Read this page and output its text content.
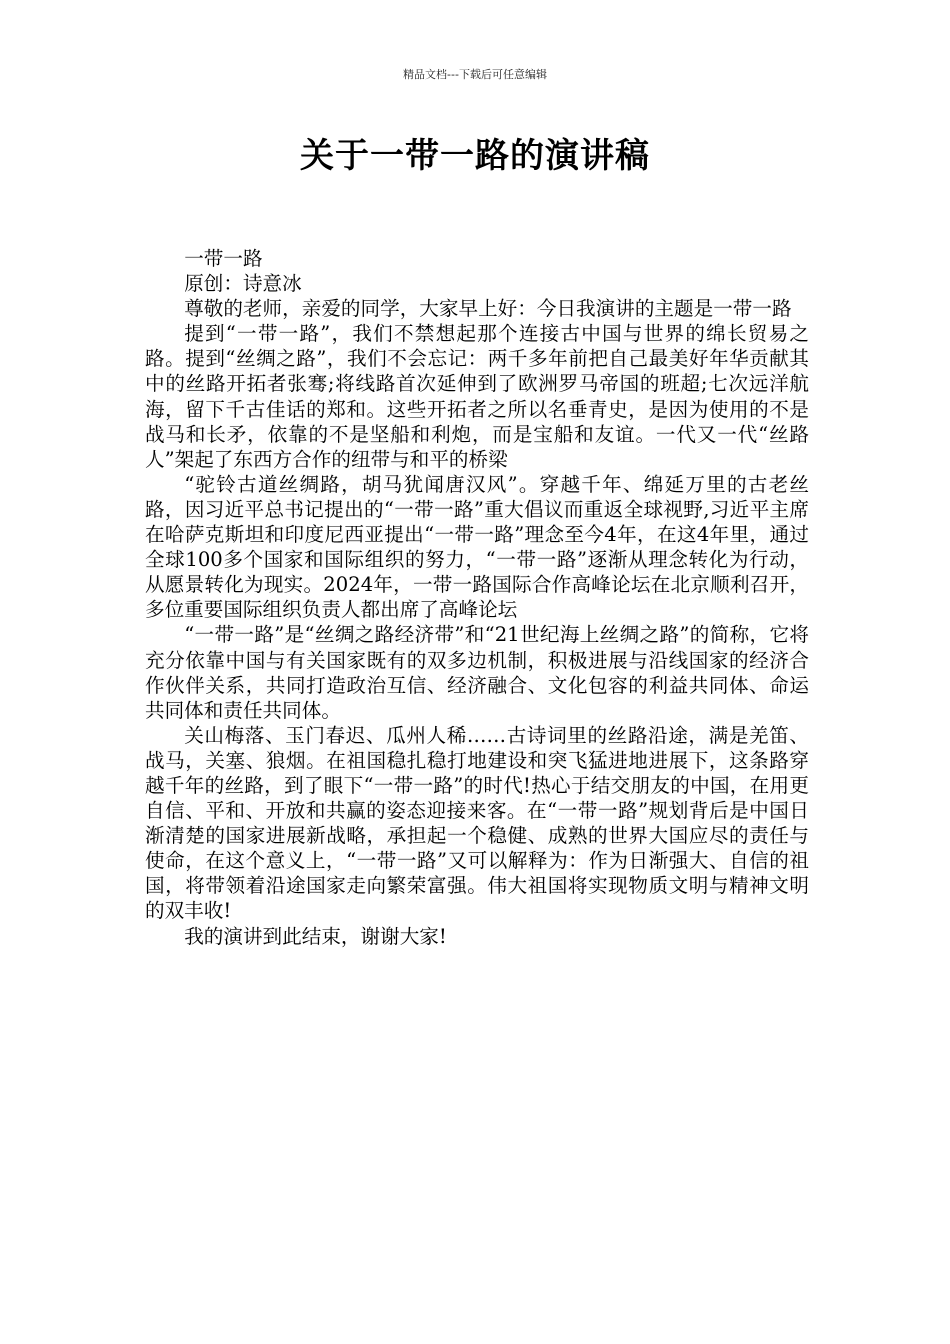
精品文档---下载后可任意编辑
关于一带一路的演讲稿

一带一路

原创：诗意冰

尊敬的老师，亲爱的同学，大家早上好：今日我演讲的主题是一带一路

提到“一带一路”，我们不禁想起那个连接古中国与世界的绵长贸易之路。提到“丝绸之路”，我们不会忘记：两千多年前把自己最美好年华贡献其中的丝路开拓者张骞;将线路首次延伸到了欧洲罗马帝国的班超;七次远洋航海，留下千古佳话的郑和。这些开拓者之所以名垂青史，是因为使用的不是战马和长矛，依靠的不是坚船和利炮，而是宝船和友谊。一代又一代“丝路人”架起了东西方合作的纽带与和平的桥梁

“驼铃古道丝绸路，胡马犹闻唐汉风”。穿越千年、绵延万里的古老丝路，因习近平总书记提出的“一带一路”重大倡议而重返全球视野,习近平主席在哈萨克斯坦和印度尼西亚提出“一带一路”理念至今4年，在这4年里，通过全球100多个国家和国际组织的努力，“一带一路”逐渐从理念转化为行动，从愿景转化为现实。2024年，一带一路国际合作高峰论坛在北京顺利召开，多位重要国际组织负责人都出席了高峰论坛

“一带一路”是“丝绸之路经济带”和“21世纪海上丝绸之路”的简称，它将充分依靠中国与有关国家既有的双多边机制，积极进展与沿线国家的经济合作伙伴关系，共同打造政治互信、经济融合、文化包容的利益共同体、命运共同体和责任共同体。

关山梅落、玉门春迟、瓜州人稀……古诗词里的丝路沿途，满是羌笛、战马，关塞、狼烟。在祖国稳扎稳打地建设和突飞猛进地进展下，这条路穿越千年的丝路，到了眼下“一带一路”的时代!热心于结交朋友的中国，在用更自信、平和、开放和共赢的姿态迎接来客。在“一带一路”规划背后是中国日渐清楚的国家进展新战略，承担起一个稳健、成熟的世界大国应尽的责任与使命，在这个意义上，“一带一路”又可以解释为：作为日渐强大、自信的祖国，将带领着沿途国家走向繁荣富强。伟大祖国将实现物质文明与精神文明的双丰收!

我的演讲到此结束，谢谢大家!
